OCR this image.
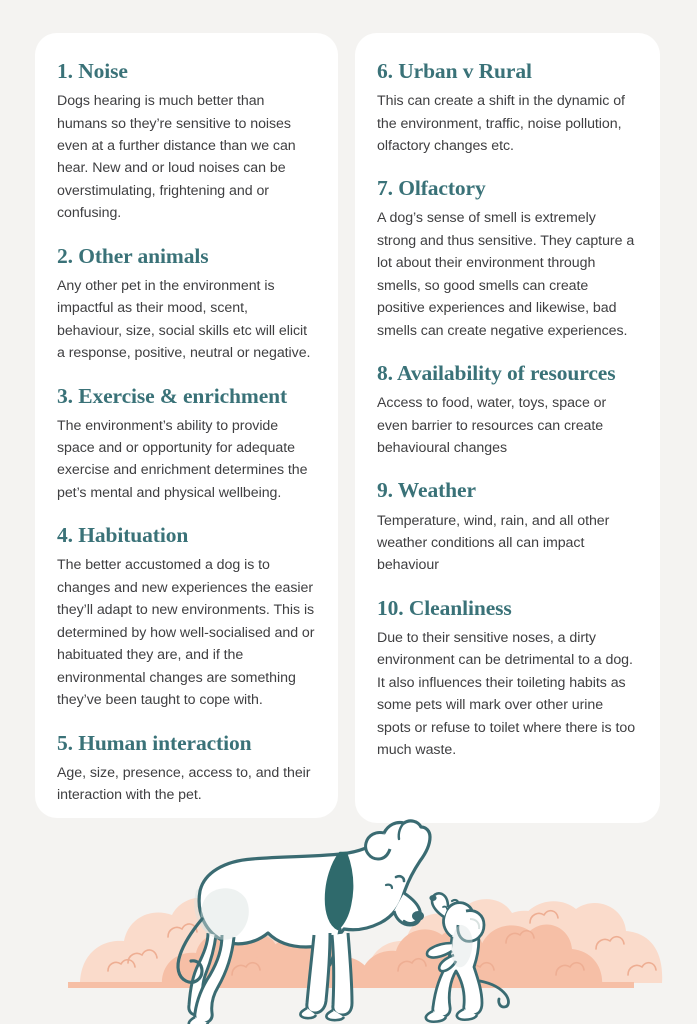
1. Noise

Dogs hearing is much better than humans so they’re sensitive to noises even at a further distance than we can hear. New and or loud noises can be overstimulating, frightening and or confusing.

2. Other animals

Any other pet in the environment is impactful as their mood, scent, behaviour, size, social skills etc will elicit a response, positive, neutral or negative.

3. Exercise & enrichment

The environment’s ability to provide space and or opportunity for adequate exercise and enrichment determines the pet’s mental and physical wellbeing.

4. Habituation

The better accustomed a dog is to changes and new experiences the easier they’ll adapt to new environments. This is determined by how well-socialised and or habituated they are, and if the environmental changes are something they’ve been taught to cope with.

5. Human interaction

Age, size, presence, access to, and their interaction with the pet.

6. Urban v Rural

This can create a shift in the dynamic of the environment, traffic, noise pollution, olfactory changes etc.

7. Olfactory

A dog’s sense of smell is extremely strong and thus sensitive. They capture a lot about their environment through smells, so good smells can create positive experiences and likewise, bad smells can create negative experiences.

8. Availability of resources

Access to food, water, toys, space or even barrier to resources can create behavioural changes

9. Weather

Temperature, wind, rain, and all other weather conditions all can impact behaviour

10. Cleanliness

Due to their sensitive noses, a dirty environment can be detrimental to a dog. It also influences their toileting habits as some pets will mark over other urine spots or refuse to toilet where there is too much waste.
